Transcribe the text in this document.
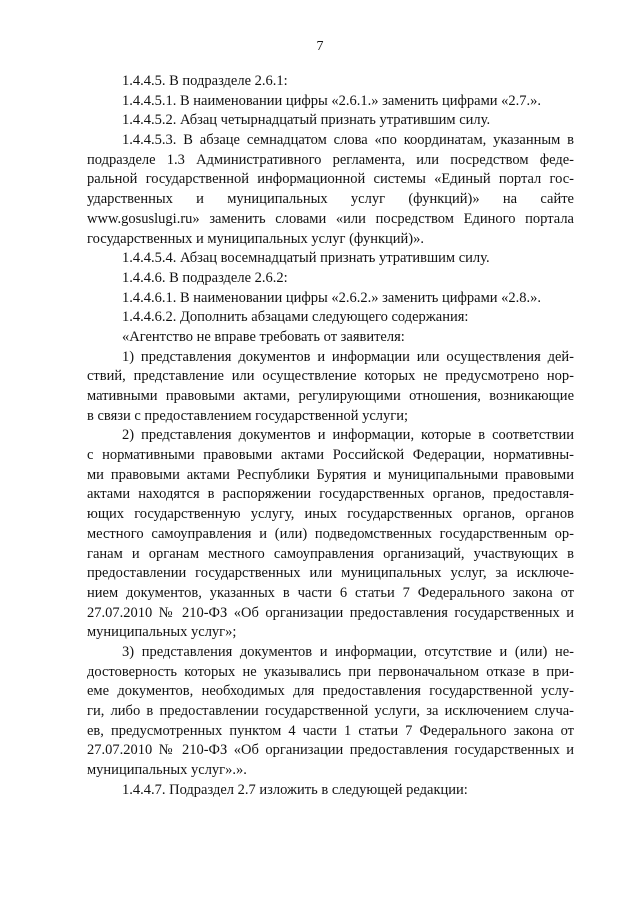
7
1.4.4.5. В подразделе 2.6.1:
1.4.4.5.1. В наименовании цифры «2.6.1.» заменить цифрами «2.7.».
1.4.4.5.2. Абзац четырнадцатый признать утратившим силу.
1.4.4.5.3. В абзаце семнадцатом слова «по координатам, указанным в
подразделе 1.3 Административного регламента, или посредством феде-
ральной государственной информационной системы «Единый портал гос-
ударственных и муниципальных услуг (функций)» на сайте
www.gosuslugi.ru» заменить словами «или посредством Единого портала
государственных и муниципальных услуг (функций)».
1.4.4.5.4. Абзац восемнадцатый признать утратившим силу.
1.4.4.6. В подразделе 2.6.2:
1.4.4.6.1. В наименовании цифры «2.6.2.» заменить цифрами «2.8.».
1.4.4.6.2. Дополнить абзацами следующего содержания:
«Агентство не вправе требовать от заявителя:
1) представления документов и информации или осуществления дей-
ствий, представление или осуществление которых не предусмотрено нор-
мативными правовыми актами, регулирующими отношения, возникающие
в связи с предоставлением государственной услуги;
2) представления документов и информации, которые в соответствии
с нормативными правовыми актами Российской Федерации, нормативны-
ми правовыми актами Республики Бурятия и муниципальными правовыми
актами находятся в распоряжении государственных органов, предоставля-
ющих государственную услугу, иных государственных органов, органов
местного самоуправления и (или) подведомственных государственным ор-
ганам и органам местного самоуправления организаций, участвующих в
предоставлении государственных или муниципальных услуг, за исключе-
нием документов, указанных в части 6 статьи 7 Федерального закона от
27.07.2010 № 210-ФЗ «Об организации предоставления государственных и
муниципальных услуг»;
3) представления документов и информации, отсутствие и (или) не-
достоверность которых не указывались при первоначальном отказе в при-
еме документов, необходимых для предоставления государственной услу-
ги, либо в предоставлении государственной услуги, за исключением случа-
ев, предусмотренных пунктом 4 части 1 статьи 7 Федерального закона от
27.07.2010 № 210-ФЗ «Об организации предоставления государственных и
муниципальных услуг».».
1.4.4.7. Подраздел 2.7 изложить в следующей редакции:
